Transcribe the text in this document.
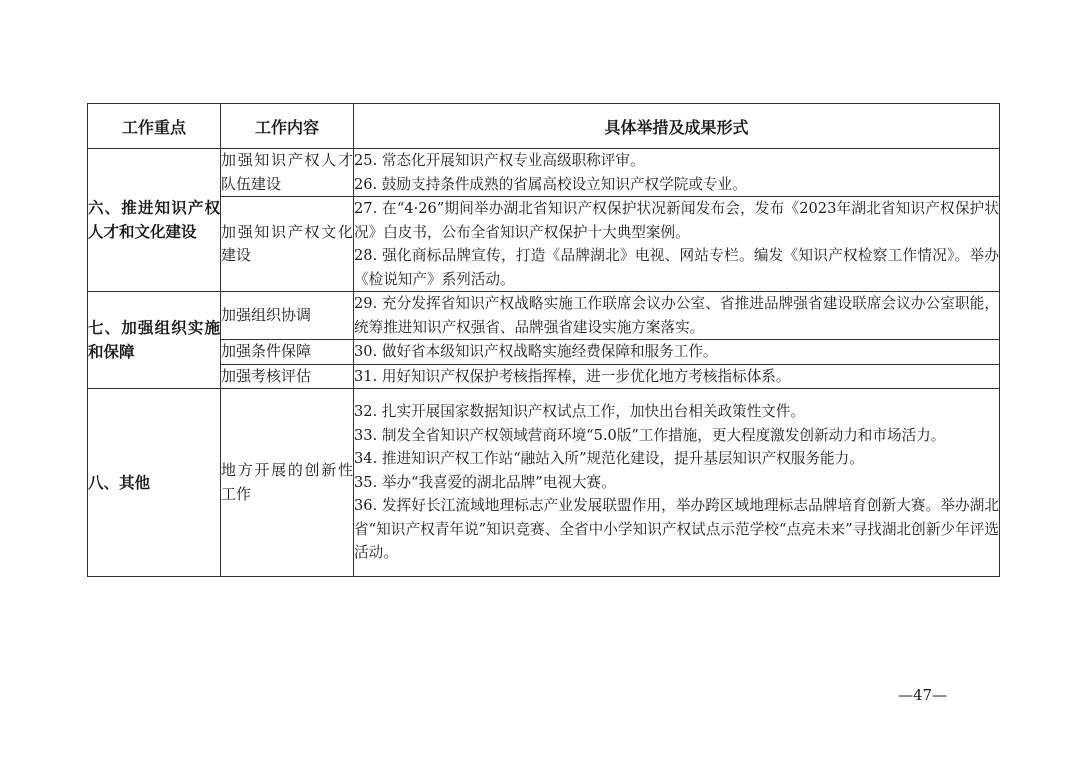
工作重点	工作内容	具体举措及成果形式
六、推进知识产权人才和文化建设	加强知识产权人才队伍建设	25. 常态化开展知识产权专业高级职称评审。

26. 鼓励支持条件成熟的省属高校设立知识产权学院或专业。

	加强知识产权文化建设	27. 在“4·26”期间举办湖北省知识产权保护状况新闻发布会，发布《2023年湖北省知识产权保护状况》白皮书，公布全省知识产权保护十大典型案例。

28. 强化商标品牌宣传，打造《品牌湖北》电视、网站专栏。编发《知识产权检察工作情况》。举办《检说知产》系列活动。

七、加强组织实施和保障	加强组织协调	29. 充分发挥省知识产权战略实施工作联席会议办公室、省推进品牌强省建设联席会议办公室职能，统筹推进知识产权强省、品牌强省建设实施方案落实。

	加强条件保障	30. 做好省本级知识产权战略实施经费保障和服务工作。

	加强考核评估	31. 用好知识产权保护考核指挥棒，进一步优化地方考核指标体系。

八、其他	地方开展的创新性工作	32. 扎实开展国家数据知识产权试点工作，加快出台相关政策性文件。

33. 制发全省知识产权领域营商环境“5.0版”工作措施，更大程度激发创新动力和市场活力。

34. 推进知识产权工作站“融站入所”规范化建设，提升基层知识产权服务能力。

35. 举办“我喜爱的湖北品牌”电视大赛。

36. 发挥好长江流域地理标志产业发展联盟作用，举办跨区域地理标志品牌培育创新大赛。举办湖北省“知识产权青年说”知识竞赛、全省中小学知识产权试点示范学校“点亮未来”寻找湖北创新少年评选活动。

—47—
